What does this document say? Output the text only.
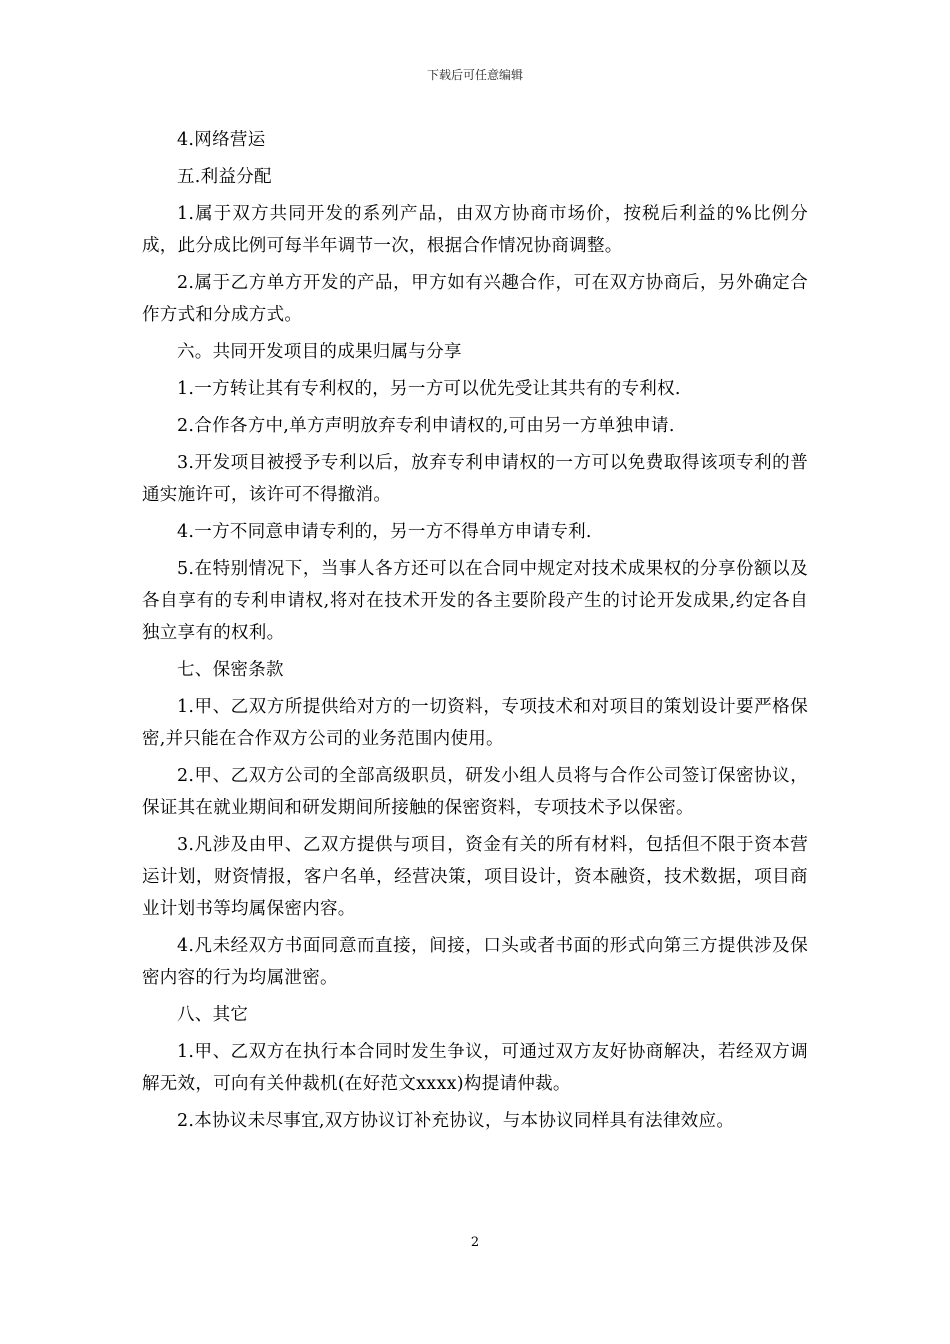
下载后可任意编辑

4.网络营运

五.利益分配

1.属于双方共同开发的系列产品，由双方协商市场价，按税后利益的%比例分成，此分成比例可每半年调节一次，根据合作情况协商调整。

2.属于乙方单方开发的产品，甲方如有兴趣合作，可在双方协商后，另外确定合作方式和分成方式。

六。共同开发项目的成果归属与分享

1.一方转让其有专利权的，另一方可以优先受让其共有的专利权.

2.合作各方中,单方声明放弃专利申请权的,可由另一方单独申请.

3.开发项目被授予专利以后，放弃专利申请权的一方可以免费取得该项专利的普通实施许可，该许可不得撤消。

4.一方不同意申请专利的，另一方不得单方申请专利.

5.在特别情况下，当事人各方还可以在合同中规定对技术成果权的分享份额以及各自享有的专利申请权,将对在技术开发的各主要阶段产生的讨论开发成果,约定各自独立享有的权利。

七、保密条款

1.甲、乙双方所提供给对方的一切资料，专项技术和对项目的策划设计要严格保密,并只能在合作双方公司的业务范围内使用。

2.甲、乙双方公司的全部高级职员，研发小组人员将与合作公司签订保密协议，保证其在就业期间和研发期间所接触的保密资料，专项技术予以保密。

3.凡涉及由甲、乙双方提供与项目，资金有关的所有材料，包括但不限于资本营运计划，财资情报，客户名单，经营决策，项目设计，资本融资，技术数据，项目商业计划书等均属保密内容。

4.凡未经双方书面同意而直接，间接，口头或者书面的形式向第三方提供涉及保密内容的行为均属泄密。

八、其它

1.甲、乙双方在执行本合同时发生争议，可通过双方友好协商解决，若经双方调解无效，可向有关仲裁机(在好范文xxxx)构提请仲裁。

2.本协议未尽事宜,双方协议订补充协议，与本协议同样具有法律效应。

2
